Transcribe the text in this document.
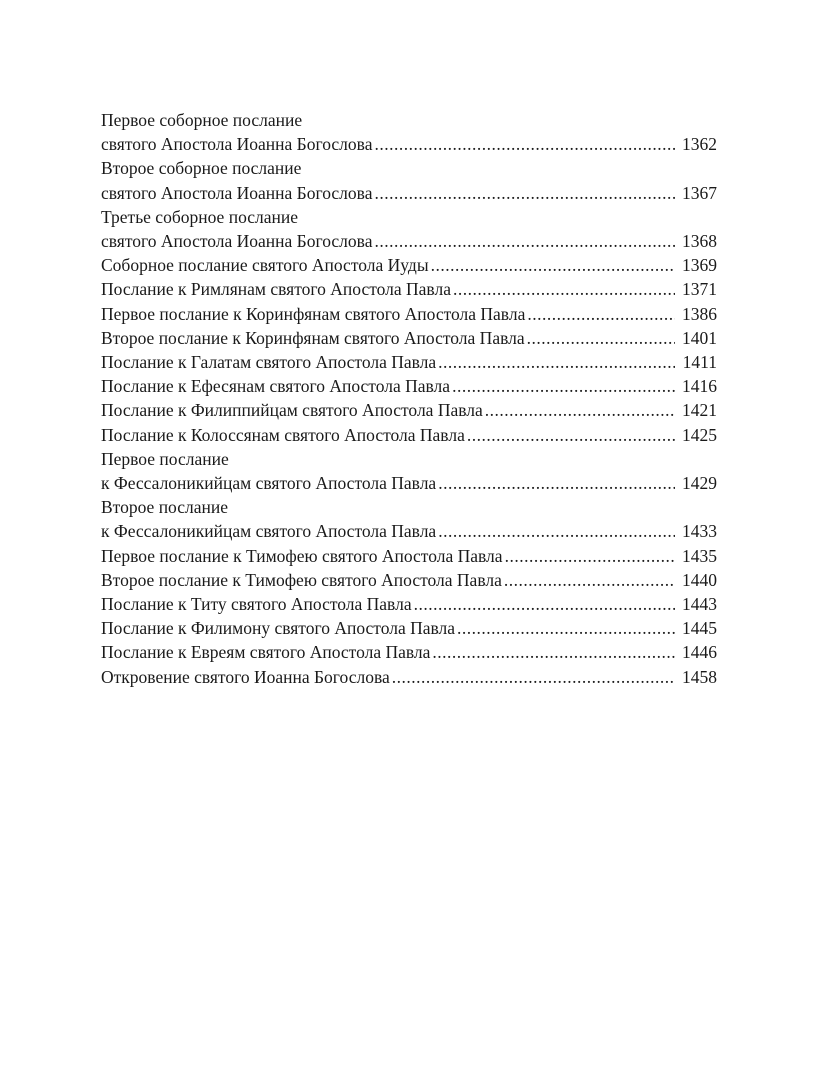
Первое соборное послание
святого Апостола Иоанна Богослова .....	1362
Второе соборное послание
святого Апостола Иоанна Богослова .....	1367
Третье соборное послание
святого Апостола Иоанна Богослова .....	1368
Соборное послание святого Апостола Иуды .....	1369
Послание к Римлянам святого Апостола Павла .....	1371
Первое послание к Коринфянам святого Апостола Павла .....	1386
Второе послание к Коринфянам святого Апостола Павла .....	1401
Послание к Галатам святого Апостола Павла .....	1411
Послание к Ефесянам святого Апостола Павла .....	1416
Послание к Филиппийцам святого Апостола Павла .....	1421
Послание к Колоссянам святого Апостола Павла .....	1425
Первое послание
к Фессалоникийцам святого Апостола Павла .....	1429
Второе послание
к Фессалоникийцам святого Апостола Павла .....	1433
Первое послание к Тимофею святого Апостола Павла .....	1435
Второе послание к Тимофею святого Апостола Павла .....	1440
Послание к Титу святого Апостола Павла .....	1443
Послание к Филимону святого Апостола Павла .....	1445
Послание к Евреям святого Апостола Павла .....	1446
Откровение святого Иоанна Богослова .....	1458
